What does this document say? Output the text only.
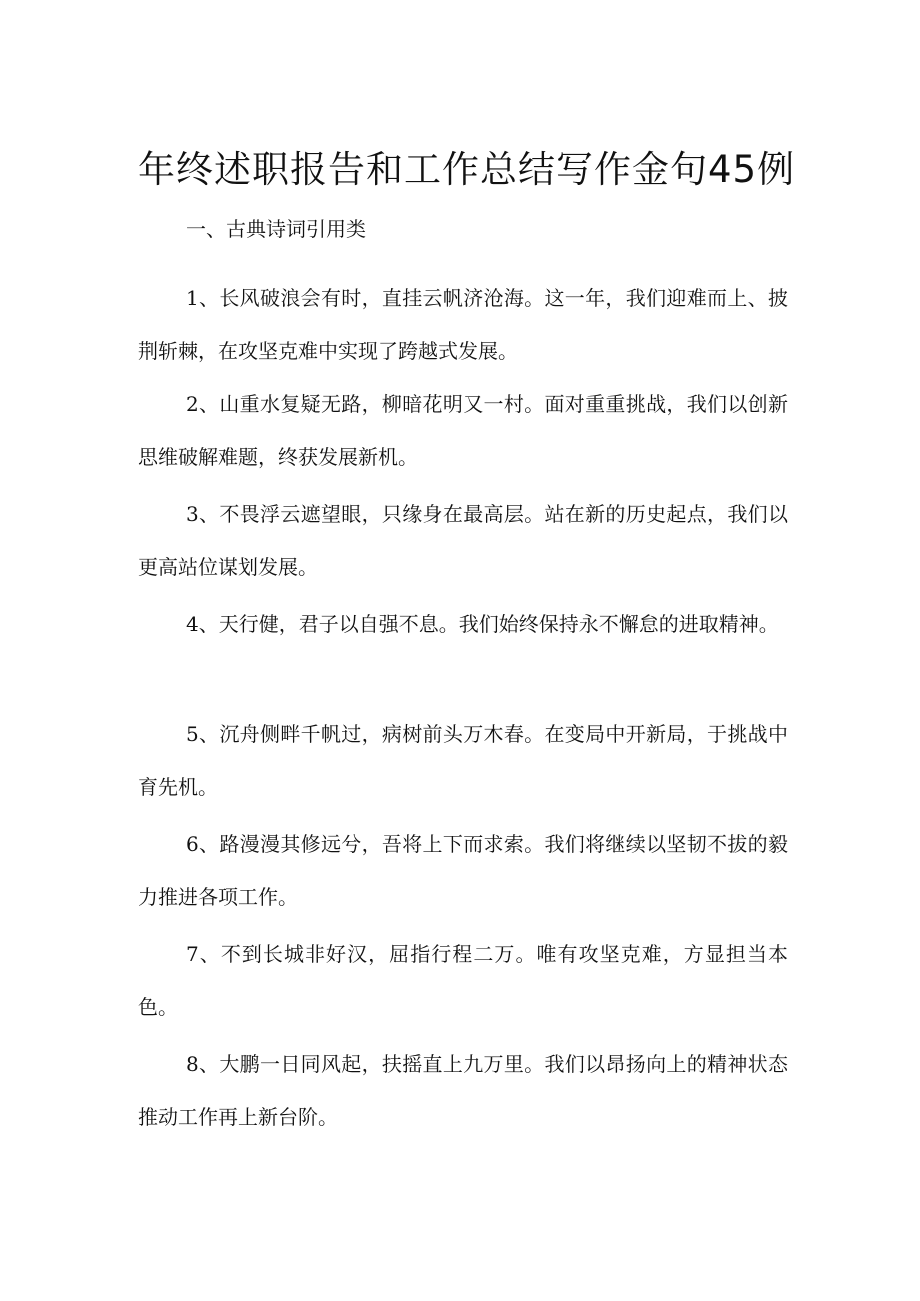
年终述职报告和工作总结写作金句45例

一、古典诗词引用类

1、长风破浪会有时，直挂云帆济沧海。这一年，我们迎难而上、披荆斩棘，在攻坚克难中实现了跨越式发展。

2、山重水复疑无路，柳暗花明又一村。面对重重挑战，我们以创新思维破解难题，终获发展新机。

3、不畏浮云遮望眼，只缘身在最高层。站在新的历史起点，我们以更高站位谋划发展。

4、天行健，君子以自强不息。我们始终保持永不懈怠的进取精神。

5、沉舟侧畔千帆过，病树前头万木春。在变局中开新局，于挑战中育先机。

6、路漫漫其修远兮，吾将上下而求索。我们将继续以坚韧不拔的毅力推进各项工作。

7、不到长城非好汉，屈指行程二万。唯有攻坚克难，方显担当本色。

8、大鹏一日同风起，扶摇直上九万里。我们以昂扬向上的精神状态推动工作再上新台阶。
